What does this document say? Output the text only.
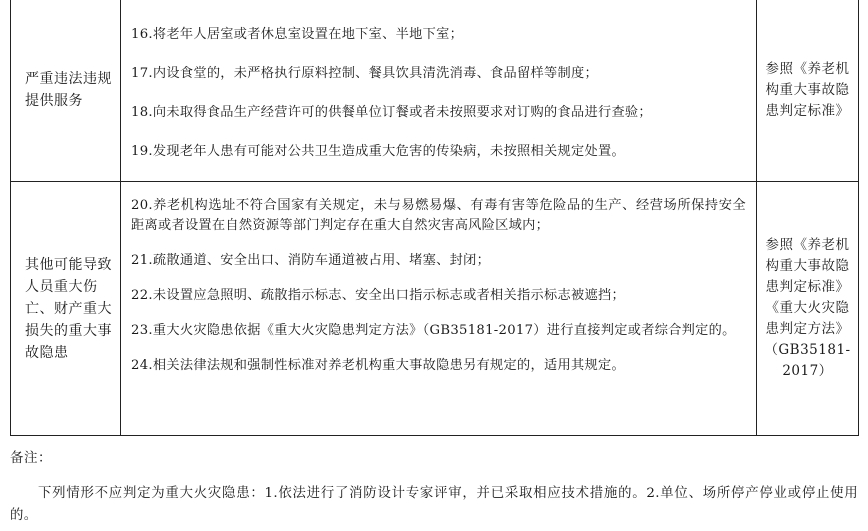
严重违法违规提供服务	16.将老年人居室或者休息室设置在地下室、半地下室；
17.内设食堂的，未严格执行原料控制、餐具饮具清洗消毒、食品留样等制度；
18.向未取得食品生产经营许可的供餐单位订餐或者未按照要求对订购的食品进行查验；
19.发现老年人患有可能对公共卫生造成重大危害的传染病，未按照相关规定处置。	参照《养老机构重大事故隐患判定标准》
其他可能导致人员重大伤亡、财产重大损失的重大事故隐患	20.养老机构选址不符合国家有关规定，未与易燃易爆、有毒有害等危险品的生产、经营场所保持安全距离或者设置在自然资源等部门判定存在重大自然灾害高风险区域内；
21.疏散通道、安全出口、消防车通道被占用、堵塞、封闭；
22.未设置应急照明、疏散指示标志、安全出口指示标志或者相关指示标志被遮挡；
23.重大火灾隐患依据《重大火灾隐患判定方法》（GB35181-2017）进行直接判定或者综合判定的。
24.相关法律法规和强制性标准对养老机构重大事故隐患另有规定的，适用其规定。	参照《养老机构重大事故隐患判定标准》《重大火灾隐患判定方法》（GB35181-2017）
备注：
下列情形不应判定为重大火灾隐患：1.依法进行了消防设计专家评审，并已采取相应技术措施的。2.单位、场所停产停业或停止使用的。
